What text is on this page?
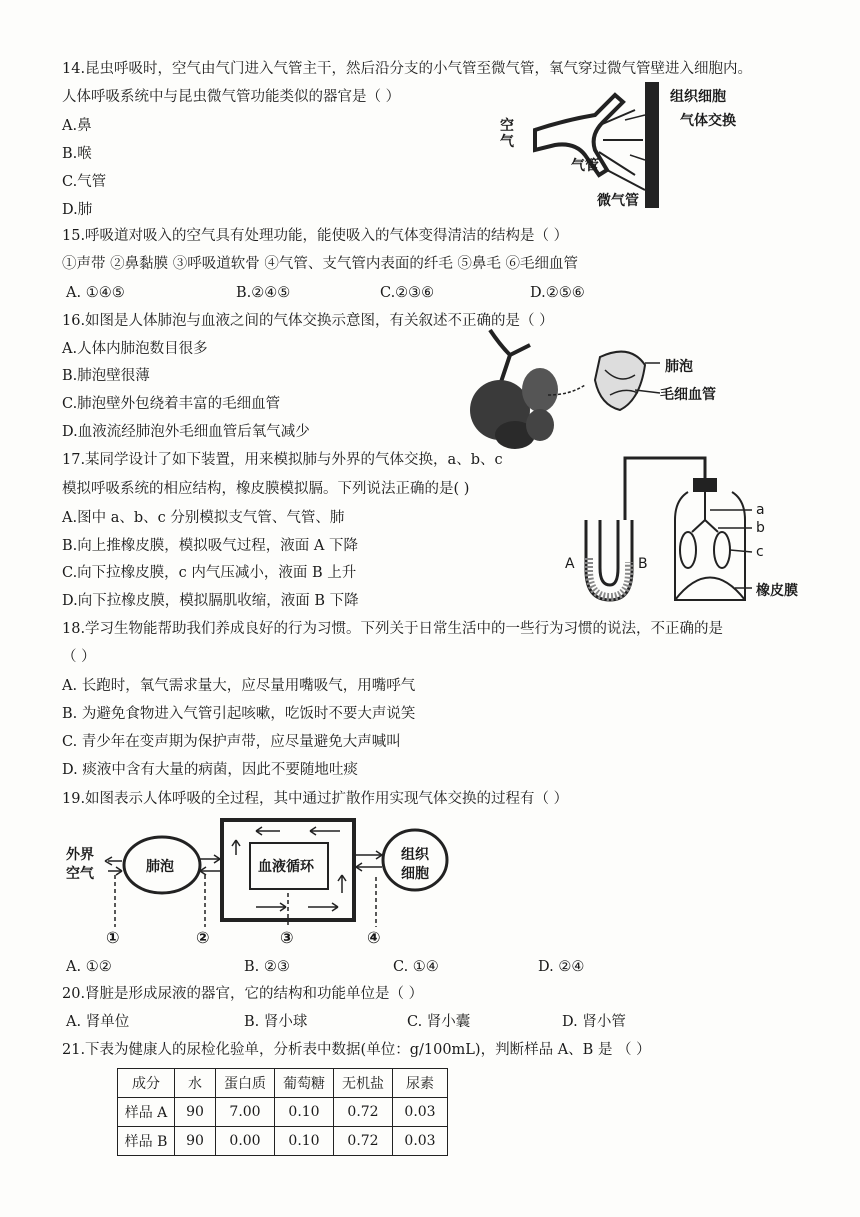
14.昆虫呼吸时，空气由气门进入气管主干，然后沿分支的小气管至微气管，氧气穿过微气管壁进入细胞内。
人体呼吸系统中与昆虫微气管功能类似的器官是（ ）
A.鼻
B.喉
C.气管
D.肺
空气
气管
微气管
组织细胞
气体交换
15.呼吸道对吸入的空气具有处理功能，能使吸入的气体变得清洁的结构是（ ）
①声带 ②鼻黏膜 ③呼吸道软骨 ④气管、支气管内表面的纤毛 ⑤鼻毛 ⑥毛细血管
A. ①④⑤	B.②④⑤	C.②③⑥	D.②⑤⑥
16.如图是人体肺泡与血液之间的气体交换示意图，有关叙述不正确的是（ ）
A.人体内肺泡数目很多
B.肺泡壁很薄
C.肺泡壁外包绕着丰富的毛细血管
D.血液流经肺泡外毛细血管后氧气减少
肺泡
毛细血管
17.某同学设计了如下装置，用来模拟肺与外界的气体交换，a、b、c
模拟呼吸系统的相应结构，橡皮膜模拟膈。下列说法正确的是( )
A.图中 a、b、c 分别模拟支气管、气管、肺
B.向上推橡皮膜，模拟吸气过程，液面 A 下降
C.向下拉橡皮膜，c 内气压减小，液面 B 上升
D.向下拉橡皮膜，模拟膈肌收缩，液面 B 下降
A	B
a
b
c
橡皮膜
18.学习生物能帮助我们养成良好的行为习惯。下列关于日常生活中的一些行为习惯的说法，不正确的是
（ ）
A. 长跑时，氧气需求量大，应尽量用嘴吸气，用嘴呼气
B. 为避免食物进入气管引起咳嗽，吃饭时不要大声说笑
C. 青少年在变声期为保护声带，应尽量避免大声喊叫
D. 痰液中含有大量的病菌，因此不要随地吐痰
19.如图表示人体呼吸的全过程，其中通过扩散作用实现气体交换的过程有（ ）
外界
空气	肺泡	血液循环
组织
细胞
①	②	③	④
A. ①②	B. ②③	C. ①④	D. ②④
20.肾脏是形成尿液的器官，它的结构和功能单位是（ ）
A. 肾单位	B. 肾小球	C. 肾小囊	D. 肾小管
21.下表为健康人的尿检化验单，分析表中数据(单位：g/100mL)，判断样品 A、B 是 （ ）
成分	水	蛋白质	葡萄糖	无机盐	尿素
样品 A	90	7.00	0.10	0.72	0.03
样品 B	90	0.00	0.10	0.72	0.03
